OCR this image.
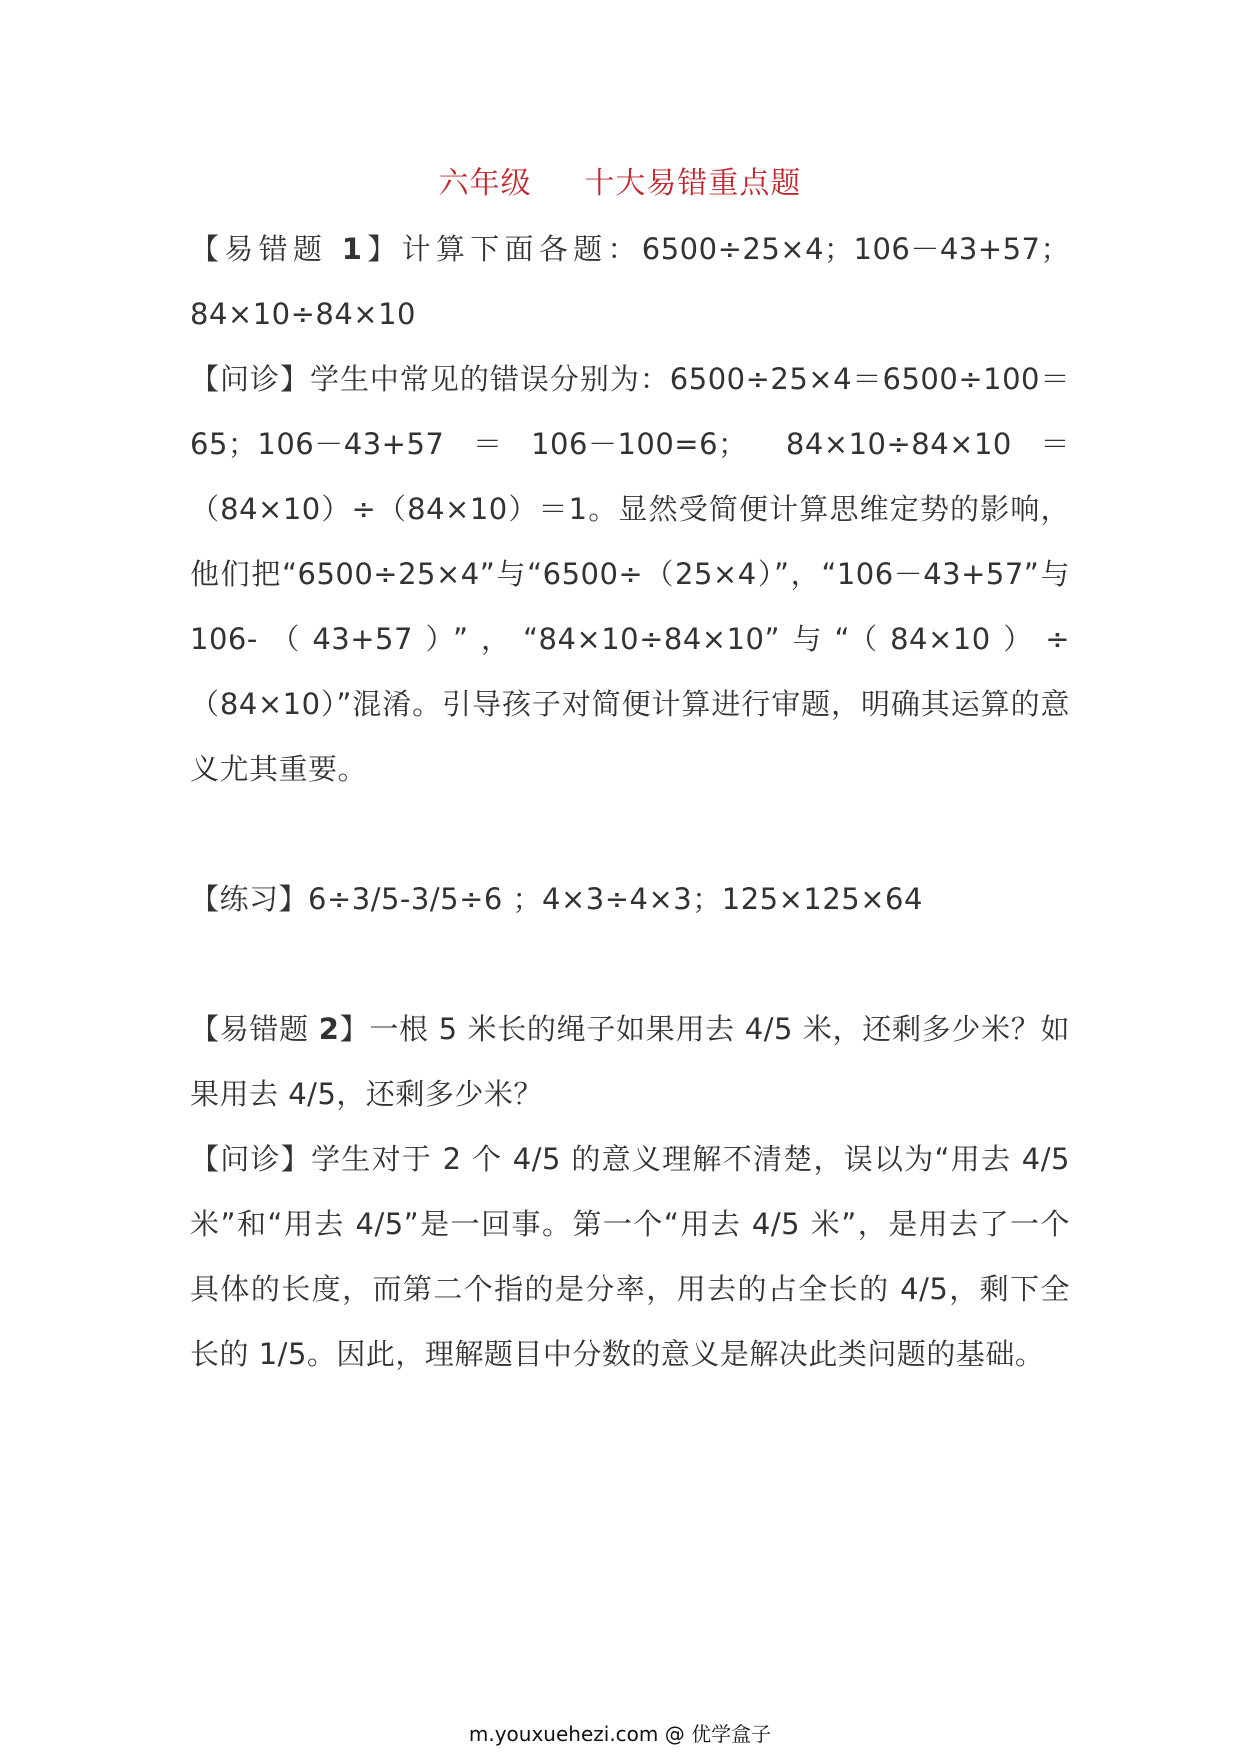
六年级     十大易错重点题

【易错题 1】计算下面各题：6500÷25×4；106－43+57；84×10÷84×10

【问诊】学生中常见的错误分别为：6500÷25×4＝6500÷100＝65；106－43+57＝106－100=6； 84×10÷84×10＝（84×10）÷（84×10）＝1。显然受简便计算思维定势的影响，他们把“6500÷25×4”与“6500÷（25×4）”，“106－43+57”与 106-（43+57）”，“84×10÷84×10”与“（84×10）÷（84×10）”混淆。引导孩子对简便计算进行审题，明确其运算的意义尤其重要。

【练习】6÷3/5-3/5÷6 ；4×3÷4×3；125×125×64

【易错题 2】一根 5 米长的绳子如果用去 4/5 米，还剩多少米？如果用去 4/5，还剩多少米？

【问诊】学生对于 2 个 4/5 的意义理解不清楚，误以为“用去 4/5 米”和“用去 4/5”是一回事。第一个“用去 4/5 米”，是用去了一个具体的长度，而第二个指的是分率，用去的占全长的 4/5，剩下全长的 1/5。因此，理解题目中分数的意义是解决此类问题的基础。

m.youxuehezi.com @ 优学盒子
